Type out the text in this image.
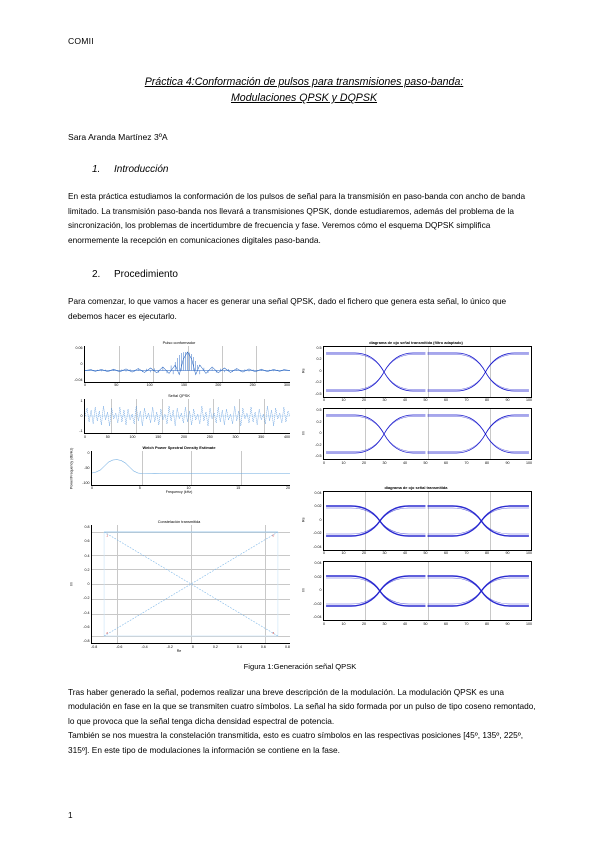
COMII
Práctica 4:Conformación de pulsos para transmisiones paso-banda:
Modulaciones QPSK y DQPSK
Sara Aranda Martínez 3ºA
1. Introducción

En esta práctica estudiamos la conformación de los pulsos de señal para la transmisión en paso-banda con ancho de banda limitado. La transmisión paso-banda nos llevará a transmisiones QPSK, donde estudiaremos, además del problema de la sincronización, los problemas de incertidumbre de frecuencia y fase. Veremos cómo el esquema DQPSK simplifica enormemente la recepción en comunicaciones digitales paso-banda.

2. Procedimiento

Para comenzar, lo que vamos a hacer es generar una señal QPSK, dado el fichero que genera esta señal, lo único que debemos hacer es ejecutarlo.

Pulso conformador
0.06
0
-0.04
0	50	100	150	200	250	300
Señal QPSK
1
0
-1
0	50	100	150	200	250	300	350	400
Welch Power Spectral Density Estimate
Power/Frequency (dB/Hz)	0
-50
-100
0	5	10	15	20
Frequency (kHz)
Constelación transmitida
Im
0.8
0.6
0.4
0.2
0
-0.2
-0.4
-0.6
-0.8
1	0
2	3
-0.8	-0.6	-0.4	-0.2	0	0.2	0.4	0.6	0.8
Re
diagrama de ojo señal transmitida (filtro adaptado)
Re
0.5
0.2
0
-0.2
-0.5
0	10	20	30	40	50	60	70	80	90	100
Im
0.5
0.2
0
-0.2
-0.5
0	10	20	30	40	50	60	70	80	90	100
diagrama de ojo señal transmitida
Re
0.04
0.02
0
-0.02
-0.04
0	10	20	30	40	50	60	70	80	90	100
Im
0.04
0.02
0
-0.02
-0.04
0	10	20	30	40	50	60	70	80	90	100
Figura 1:Generación señal QPSK

Tras haber generado la señal, podemos realizar una breve descripción de la modulación. La modulación QPSK es una modulación en fase en la que se transmiten cuatro símbolos. La señal ha sido formada por un pulso de tipo coseno remontado, lo que provoca que la señal tenga dicha densidad espectral de potencia.

También se nos muestra la constelación transmitida, esto es cuatro símbolos en las respectivas posiciones [45º, 135º, 225º, 315º]. En este tipo de modulaciones la información se contiene en la fase.

1
